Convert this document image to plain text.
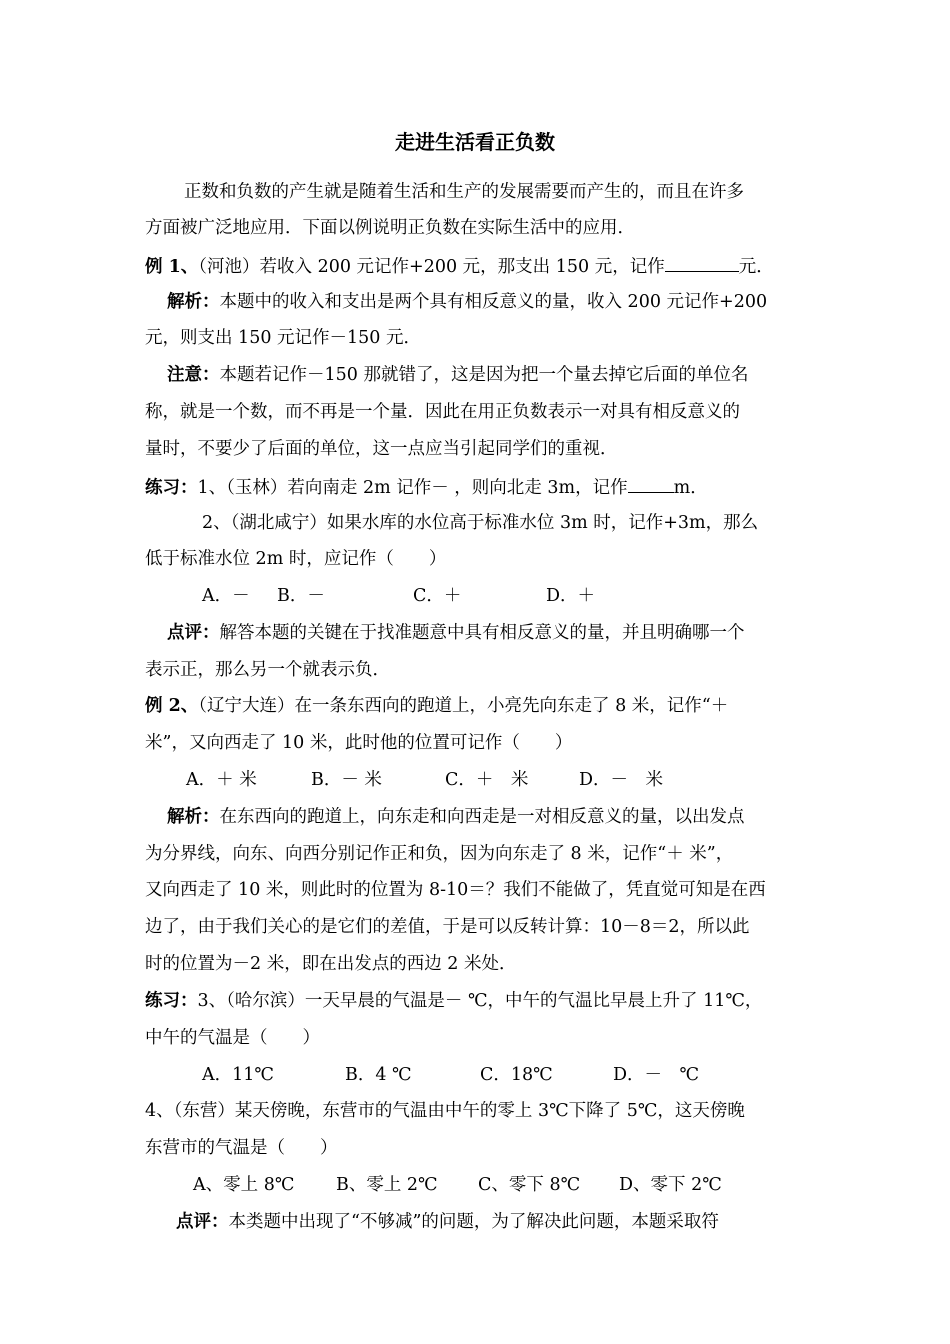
走进生活看正负数
正数和负数的产生就是随着生活和生产的发展需要而产生的，而且在许多
方面被广泛地应用．下面以例说明正负数在实际生活中的应用．
例 1、（河池）若收入 200 元记作+200 元，那支出 150 元，记作	元．
解析：本题中的收入和支出是两个具有相反意义的量，收入 200 元记作+200
元，则支出 150 元记作－150 元．
注意：本题若记作－150 那就错了，这是因为把一个量去掉它后面的单位名
称，就是一个数，而不再是一个量．因此在用正负数表示一对具有相反意义的
量时，不要少了后面的单位，这一点应当引起同学们的重视．
练习：1、（玉林）若向南走 2m 记作－ ，则向北走 3m，记作	m．
2、（湖北咸宁）如果水库的水位高于标准水位 3m 时，记作+3m，那么
低于标准水位 2m 时，应记作（　　）
A．－ B．－	C．＋	D．＋
点评：解答本题的关键在于找准题意中具有相反意义的量，并且明确哪一个
表示正，那么另一个就表示负．
例 2、（辽宁大连）在一条东西向的跑道上，小亮先向东走了 8 米，记作“＋
米”，又向西走了 10 米，此时他的位置可记作（　　）
A．＋ 米	B．－ 米	C．＋　米	D．－　米
解析：在东西向的跑道上，向东走和向西走是一对相反意义的量，以出发点
为分界线，向东、向西分别记作正和负，因为向东走了 8 米，记作“＋ 米”，
又向西走了 10 米，则此时的位置为 8-10＝？我们不能做了，凭直觉可知是在西
边了，由于我们关心的是它们的差值，于是可以反转计算：10－8＝2，所以此
时的位置为－2 米，即在出发点的西边 2 米处．
练习：3、（哈尔滨）一天早晨的气温是－ ℃，中午的气温比早晨上升了 11℃，
中午的气温是（　　）
A．11℃	B．4 ℃	C．18℃	D．－　℃
4、（东营）某天傍晚，东营市的气温由中午的零上 3℃下降了 5℃，这天傍晚
东营市的气温是（　　）
A、零上 8℃ B、零上 2℃ C、零下 8℃ D、零下 2℃
点评：本类题中出现了“不够减”的问题，为了解决此问题，本题采取符
